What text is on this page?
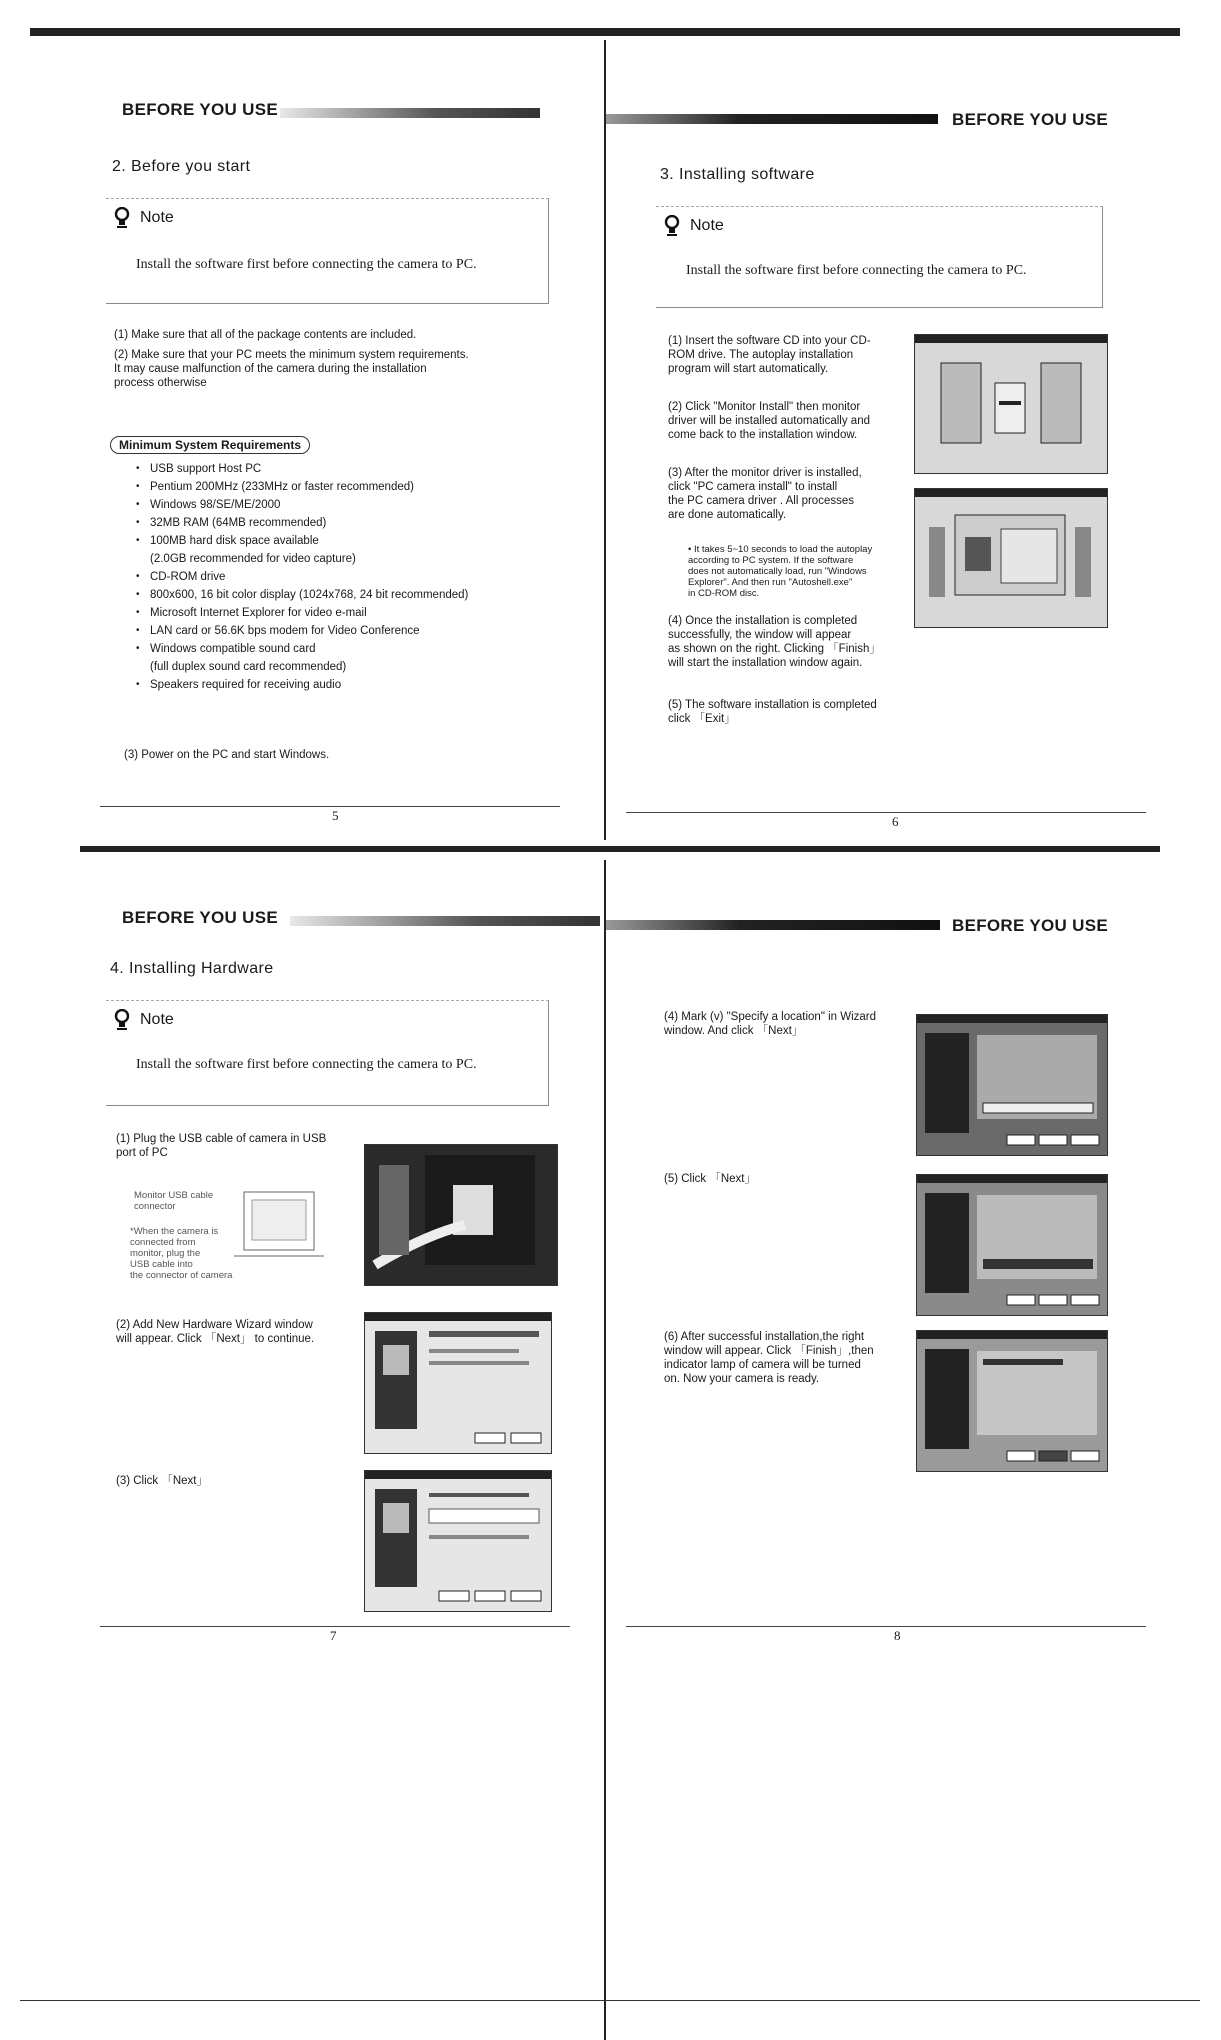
BEFORE YOU USE
2. Before you start
Note
Install the software first before connecting the camera to PC.
(1) Make sure that all of the package contents are included.
(2) Make sure that your PC meets the minimum system requirements.
It may cause malfunction of the camera during the installation
process otherwise
Minimum System Requirements
• USB support Host PC
• Pentium 200MHz (233MHz or faster recommended)
• Windows 98/SE/ME/2000
• 32MB RAM (64MB recommended)
• 100MB hard disk space available
(2.0GB recommended for video capture)
• CD-ROM drive
• 800x600, 16 bit color display (1024x768, 24 bit recommended)
• Microsoft Internet Explorer for video e-mail
• LAN card or 56.6K bps modem for Video Conference
• Windows compatible sound card
(full duplex sound card recommended)
• Speakers required for receiving audio
(3) Power on the PC and start Windows.
5
BEFORE YOU USE
3. Installing software
Note
Install the software first before connecting the camera to PC.
(1) Insert the software CD into your CD-
ROM drive. The autoplay installation
program will start automatically.
(2) Click "Monitor Install" then monitor
driver will be installed automatically and
come back to the installation window.
(3) After the monitor driver is installed,
click "PC camera install" to install
the PC camera driver . All processes
are done automatically.
• It takes 5~10 seconds to load the autoplay
according to PC system. If the software
does not automatically load, run "Windows
Explorer". And then run "Autoshell.exe"
in CD-ROM disc.
(4) Once the installation is completed
successfully, the window will appear
as shown on the right. Clicking 「Finish」
will start the installation window again.
(5) The software installation is completed
click 「Exit」
6
BEFORE YOU USE
4. Installing Hardware
Note
Install the software first before connecting the camera to PC.
(1) Plug the USB cable of camera in USB
port of PC
Monitor USB cable
connector
*When the camera is
connected from
monitor, plug the
USB cable into
the connector of camera
(2) Add New Hardware Wizard window
will appear. Click 「Next」 to continue.
(3) Click 「Next」
7
BEFORE YOU USE
(4) Mark (v) "Specify a location" in Wizard
window. And click 「Next」
(5) Click 「Next」
(6) After successful installation,the right
window will appear. Click 「Finish」,then
indicator lamp of camera will be turned
on. Now your camera is ready.
8
